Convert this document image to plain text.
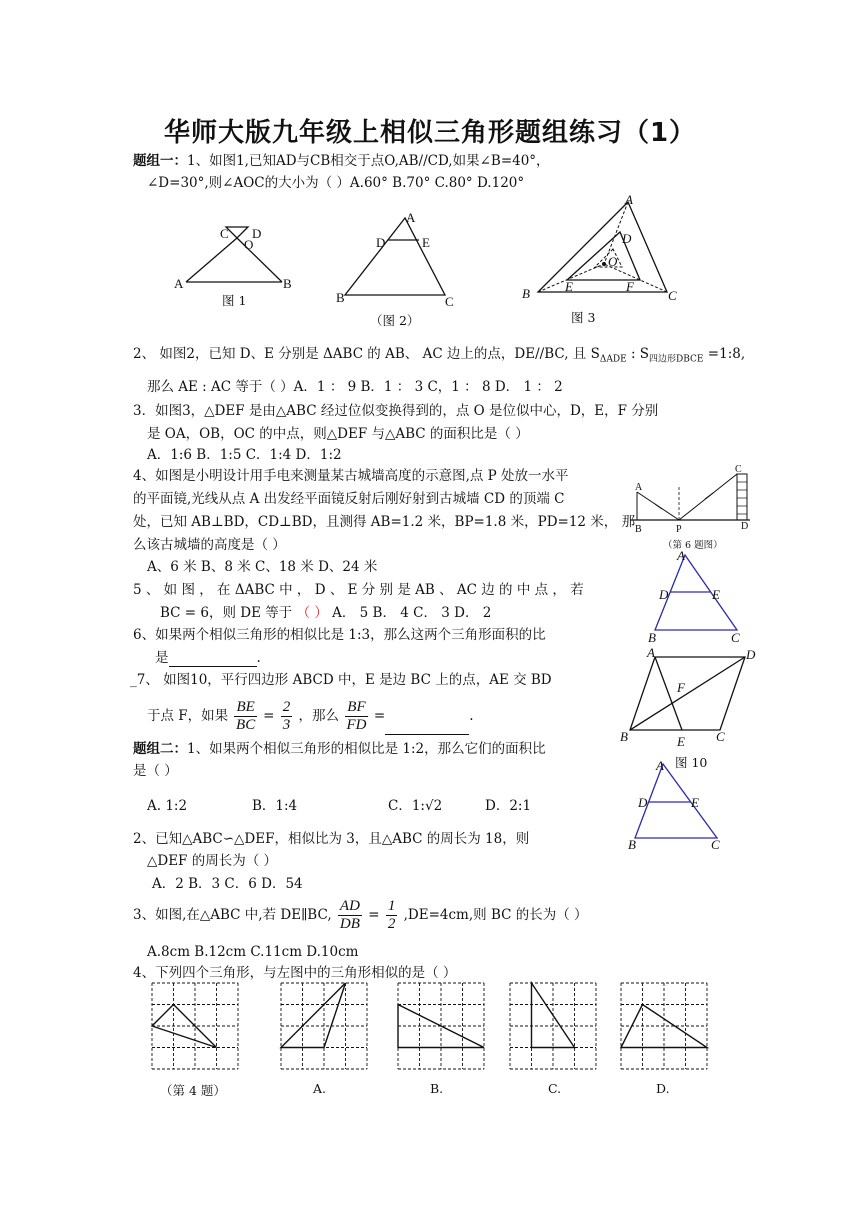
华师大版九年级上相似三角形题组练习（1）
题组一：1、如图1,已知AD与CB相交于点O,AB//CD,如果∠B=40°，
∠D=30°,则∠AOC的大小为（ ）A.60° B.70° C.80° D.120°
C D
O
A	B
图 1
A
D	E
B	C
（图 2）
A
D
O
E	F
B	C
图 3
2、 如图2，已知 D、E 分别是 ΔABC 的 AB、 AC 边上的点，DE//BC, 且 $S_{\Delta ADE}$ : $S_{四边形DBCE}$ =1:8,
那么 AE : AC 等于（ ）A．1 ： 9 B．1 ： 3 C，1 ： 8 D． 1 ： 2
3．如图3，△DEF 是由△ABC 经过位似变换得到的，点 O 是位似中心，D，E，F 分别
是 OA，OB，OC 的中点，则△DEF 与△ABC 的面积比是（ ）
A．1:6 B．1:5 C．1:4 D．1:2
4、如图是小明设计用手电来测量某古城墙高度的示意图,点 P 处放一水平
的平面镜,光线从点 A 出发经平面镜反射后刚好射到古城墙 CD 的顶端 C
处，已知 AB⊥BD，CD⊥BD，且测得 AB=1.2 米，BP=1.8 米，PD=12 米， 那
么该古城墙的高度是（ ）
A、6 米 B、8 米 C、18 米 D、24 米
A
B	P	D
C
（第 6 题图）
5 、 如 图 ， 在 ΔABC 中 ， D 、 E 分 别 是 AB 、 AC 边 的 中 点 ， 若
BC = 6，则 DE 等于 （ ） A． 5 B． 4 C． 3 D． 2
A
D	E
B	C
6、如果两个相似三角形的相似比是 1:3，那么这两个三角形面积的比
是	.
_7、 如图10，平行四边形 ABCD 中，E 是边 BC 上的点，AE 交 BD
于点 F，如果 $\frac{BE}{BC} = \frac{2}{3}$ ，那么 $\frac{BF}{FD}$ =	.
A	D
F
B	E C
图 10
题组二：1、如果两个相似三角形的相似比是 1:2，那么它们的面积比
是（ ）
A. 1:2	B．1:4	C．1:√2	D．2:1
A
D	E
B	C
2、已知△ABC∽△DEF，相似比为 3，且△ABC 的周长为 18，则
△DEF 的周长为（ ）
A．2 B．3 C．6 D．54
3、如图,在△ABC 中,若 DE∥BC, $\frac{AD}{DB} = \frac{1}{2} ,DE=4cm$,则 BC 的长为（ ）
A.8cm B.12cm C.11cm D.10cm
4、下列四个三角形，与左图中的三角形相似的是（ ）
（第 4 题）	A.	B.	C.	D.
